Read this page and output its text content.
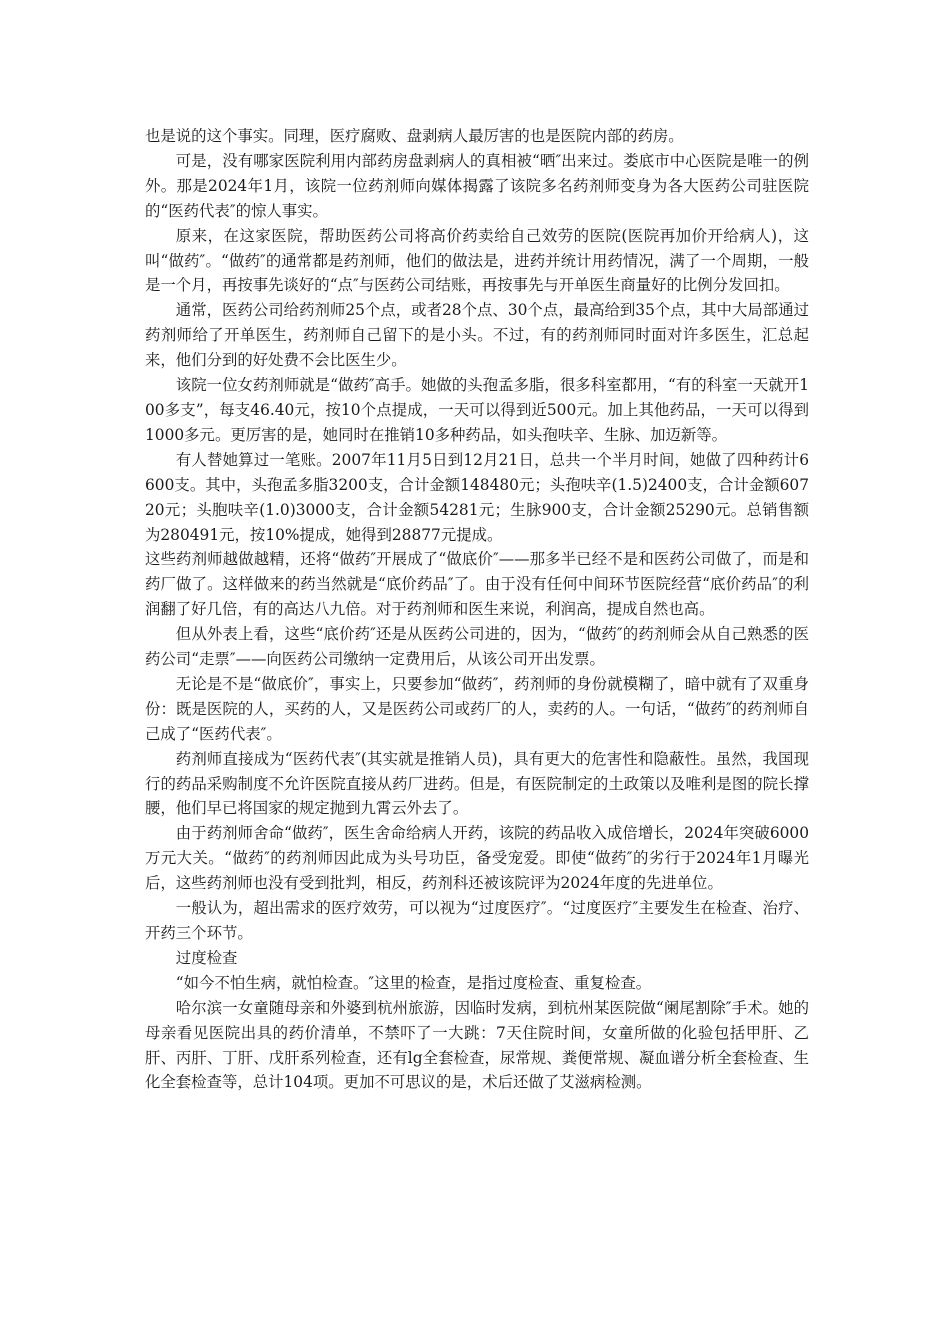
也是说的这个事实。同理，医疗腐败、盘剥病人最厉害的也是医院内部的药房。

可是，没有哪家医院利用内部药房盘剥病人的真相被“晒″出来过。娄底市中心医院是唯一的例外。那是2024年1月，该院一位药剂师向媒体揭露了该院多名药剂师变身为各大医药公司驻医院的“医药代表″的惊人事实。

原来，在这家医院，帮助医药公司将高价药卖给自己效劳的医院(医院再加价开给病人)，这叫“做药″。“做药″的通常都是药剂师，他们的做法是，进药并统计用药情况，满了一个周期，一般是一个月，再按事先谈好的“点″与医药公司结账，再按事先与开单医生商量好的比例分发回扣。

通常，医药公司给药剂师25个点，或者28个点、30个点，最高给到35个点，其中大局部通过药剂师给了开单医生，药剂师自己留下的是小头。不过，有的药剂师同时面对许多医生，汇总起来，他们分到的好处费不会比医生少。

该院一位女药剂师就是“做药″高手。她做的头孢孟多脂，很多科室都用，“有的科室一天就开100多支”，每支46.40元，按10个点提成，一天可以得到近500元。加上其他药品，一天可以得到1000多元。更厉害的是，她同时在推销10多种药品，如头孢呋辛、生脉、加迈新等。

有人替她算过一笔账。2007年11月5日到12月21日，总共一个半月时间，她做了四种药计6600支。其中，头孢孟多脂3200支，合计金额148480元；头孢呋辛(1.5)2400支，合计金额60720元；头胞呋辛(1.0)3000支，合计金额54281元；生脉900支，合计金额25290元。总销售额为280491元，按10%提成，她得到28877元提成。

这些药剂师越做越精，还将“做药″开展成了“做底价″——那多半已经不是和医药公司做了，而是和药厂做了。这样做来的药当然就是“底价药品″了。由于没有任何中间环节医院经营“底价药品″的利润翻了好几倍，有的高达八九倍。对于药剂师和医生来说，利润高，提成自然也高。

但从外表上看，这些“底价药″还是从医药公司进的，因为，“做药″的药剂师会从自己熟悉的医药公司“走票″——向医药公司缴纳一定费用后，从该公司开出发票。

无论是不是“做底价″，事实上，只要参加“做药″，药剂师的身份就模糊了，暗中就有了双重身份：既是医院的人，买药的人，又是医药公司或药厂的人，卖药的人。一句话，“做药″的药剂师自己成了“医药代表″。

药剂师直接成为“医药代表″(其实就是推销人员)，具有更大的危害性和隐蔽性。虽然，我国现行的药品采购制度不允许医院直接从药厂进药。但是，有医院制定的土政策以及唯利是图的院长撑腰，他们早已将国家的规定抛到九霄云外去了。

由于药剂师舍命“做药″，医生舍命给病人开药，该院的药品收入成倍增长，2024年突破6000万元大关。“做药″的药剂师因此成为头号功臣，备受宠爱。即使“做药″的劣行于2024年1月曝光后，这些药剂师也没有受到批判，相反，药剂科还被该院评为2024年度的先进单位。

一般认为，超出需求的医疗效劳，可以视为“过度医疗″。“过度医疗″主要发生在检查、治疗、开药三个环节。

过度检查

“如今不怕生病，就怕检查。″这里的检查，是指过度检查、重复检查。

哈尔滨一女童随母亲和外婆到杭州旅游，因临时发病，到杭州某医院做“阑尾割除″手术。她的母亲看见医院出具的药价清单，不禁吓了一大跳：7天住院时间，女童所做的化验包括甲肝、乙肝、丙肝、丁肝、戊肝系列检查，还有lg全套检查，尿常规、粪便常规、凝血谱分析全套检查、生化全套检查等，总计104项。更加不可思议的是，术后还做了艾滋病检测。
